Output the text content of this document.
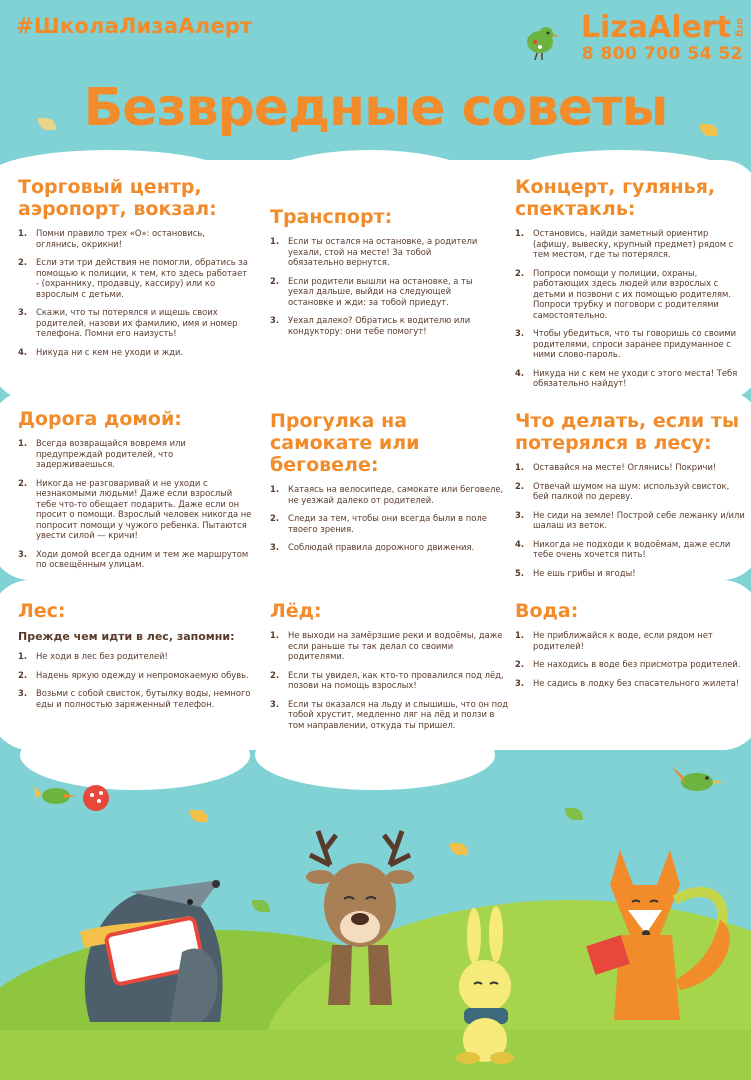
#ШколаЛизаАлерт	LizaAlert org
8 800 700 54 52
Безвредные советы
Торговый центр, аэропорт, вокзал:
Помни правило трех «О»: остановись, оглянись, окрикни!
Если эти три действия не помогли, обратись за помощью к полиции, к тем, кто здесь работает - (охраннику, продавцу, кассиру) или ко взрослым с детьми.
Скажи, что ты потерялся и ищешь своих родителей, назови их фамилию, имя и номер телефона. Помни его наизусть!
Никуда ни с кем не уходи и жди.
Транспорт:
Если ты остался на остановке, а родители уехали, стой на месте! За тобой обязательно вернутся.
Если родители вышли на остановке, а ты уехал дальше, выйди на следующей остановке и жди: за тобой приедут.
Уехал далеко? Обратись к водителю или кондуктору: они тебе помогут!
Концерт, гулянья, спектакль:
Остановись, найди заметный ориентир (афишу, вывеску, крупный предмет) рядом с тем местом, где ты потерялся.
Попроси помощи у полиции, охраны, работающих здесь людей или взрослых с детьми и позвони с их помощью родителям. Попроси трубку и поговори с родителями самостоятельно.
Чтобы убедиться, что ты говоришь со своими родителями, спроси заранее придуманное с ними слово-пароль.
Никуда ни с кем не уходи с этого места! Тебя обязательно найдут!
Дорога домой:
Всегда возвращайся вовремя или предупреждай родителей, что задерживаешься.
Никогда не разговаривай и не уходи с незнакомыми людьми! Даже если взрослый тебе что-то обещает подарить. Даже если он просит о помощи. Взрослый человек никогда не попросит помощи у чужого ребенка. Пытаются увести силой — кричи!
Ходи домой всегда одним и тем же маршрутом по освещённым улицам.
Прогулка на самокате или беговеле:
Катаясь на велосипеде, самокате или беговеле, не уезжай далеко от родителей.
Следи за тем, чтобы они всегда были в поле твоего зрения.
Соблюдай правила дорожного движения.
Что делать, если ты потерялся в лесу:
Оставайся на месте! Оглянись! Покричи!
Отвечай шумом на шум: используй свисток, бей палкой по дереву.
Не сиди на земле! Построй себе лежанку и/или шалаш из веток.
Никогда не подходи к водоёмам, даже если тебе очень хочется пить!
Не ешь грибы и ягоды!
Лес:
Прежде чем идти в лес, запомни:
Не ходи в лес без родителей!
Надень яркую одежду и непромокаемую обувь.
Возьми с собой свисток, бутылку воды, немного еды и полностью заряженный телефон.
Лёд:
Не выходи на замёрзшие реки и водоёмы, даже если раньше ты так делал со своими родителями.
Если ты увидел, как кто-то провалился под лёд, позови на помощь взрослых!
Если ты оказался на льду и слышишь, что он под тобой хрустит, медленно ляг на лёд и ползи в том направлении, откуда ты пришел.
Вода:
Не приближайся к воде, если рядом нет родителей!
Не находись в воде без присмотра родителей.
Не садись в лодку без спасательного жилета!
